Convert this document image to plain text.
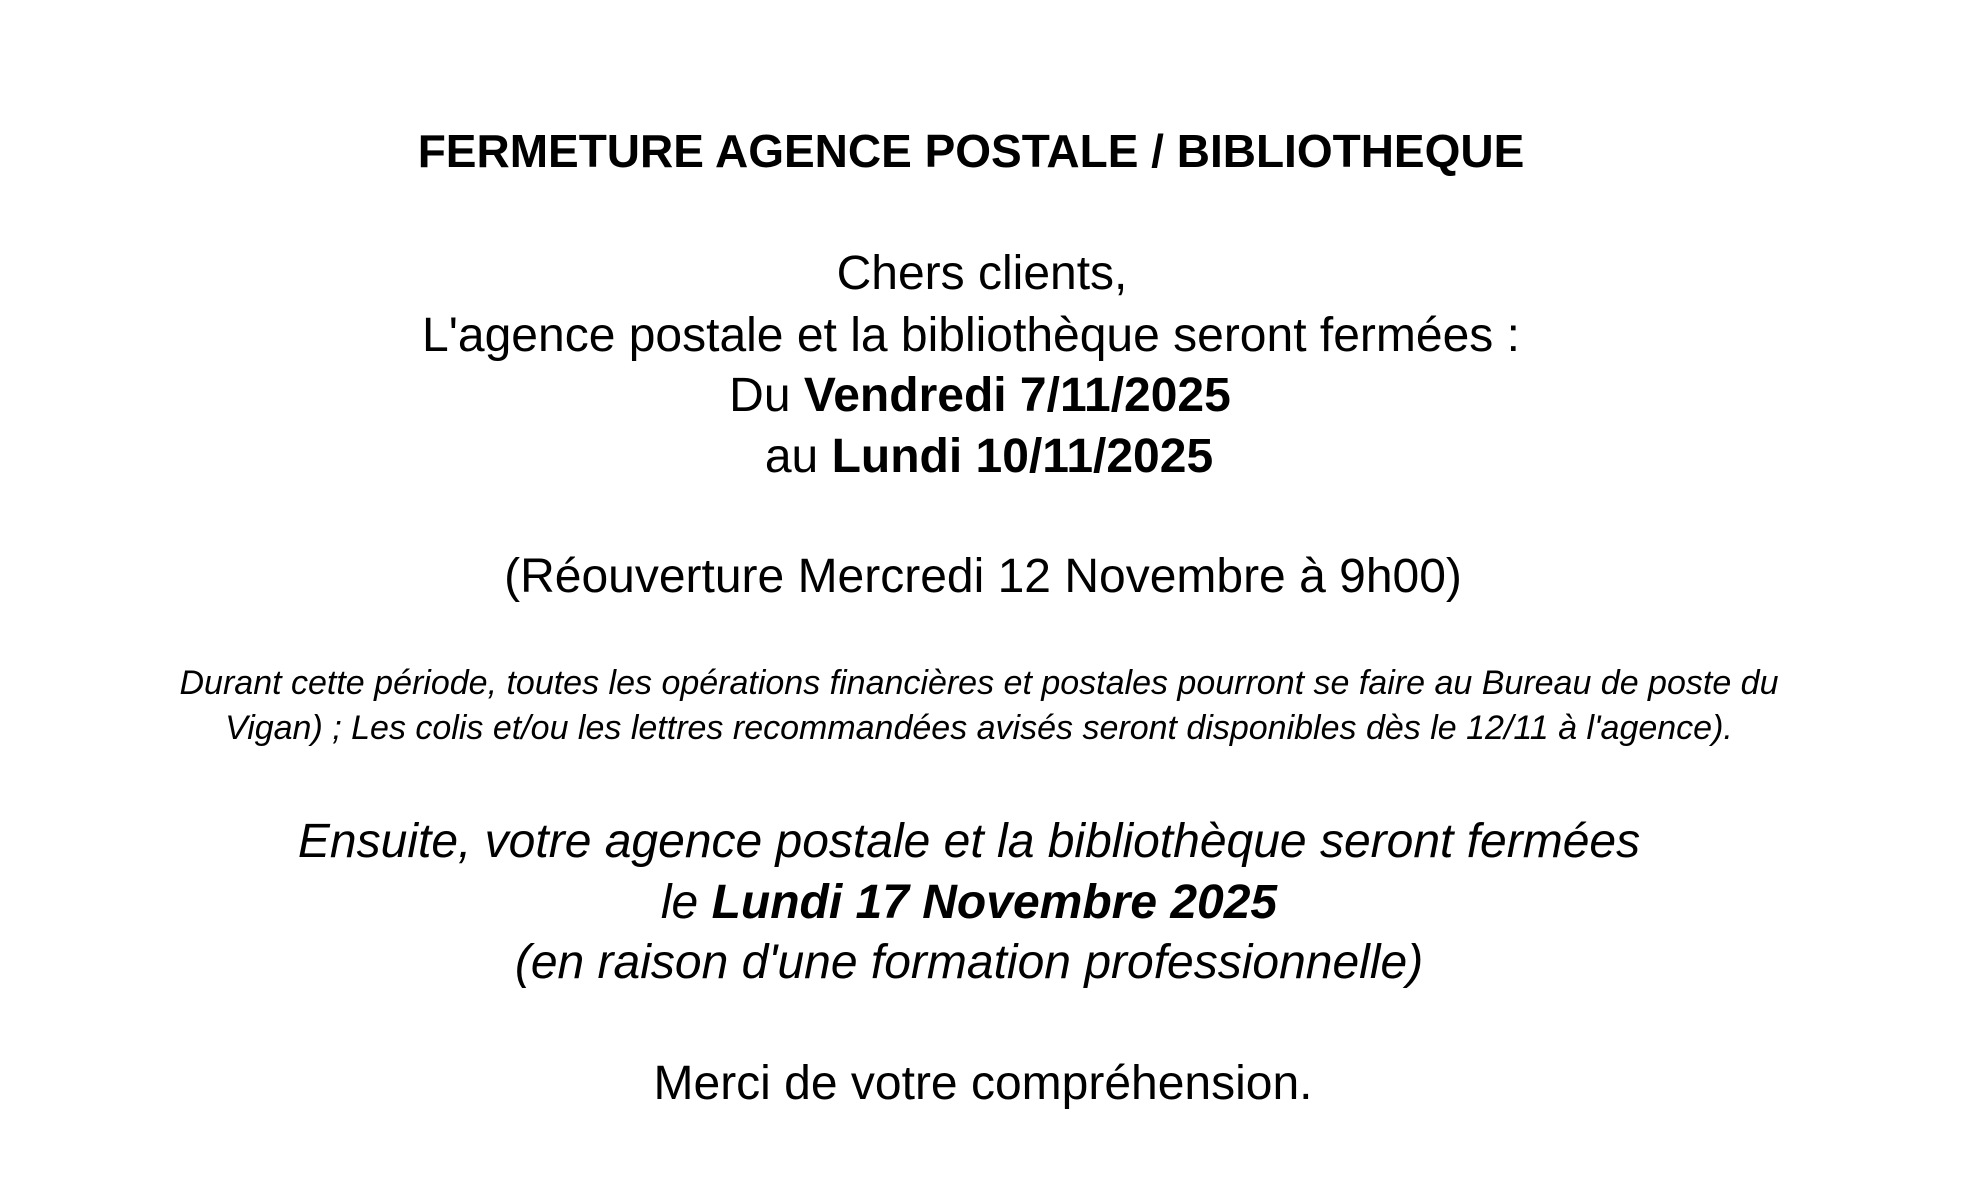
FERMETURE AGENCE POSTALE / BIBLIOTHEQUE
Chers clients,
L'agence postale et la bibliothèque seront fermées :
Du Vendredi 7/11/2025
au Lundi 10/11/2025
(Réouverture Mercredi 12 Novembre à 9h00)
Durant cette période, toutes les opérations financières et postales pourront se faire au Bureau de poste du
Vigan) ; Les colis et/ou les lettres recommandées avisés seront disponibles dès le 12/11 à l'agence).
Ensuite, votre agence postale et la bibliothèque seront fermées
le Lundi 17 Novembre 2025
(en raison d'une formation professionnelle)
Merci de votre compréhension.
